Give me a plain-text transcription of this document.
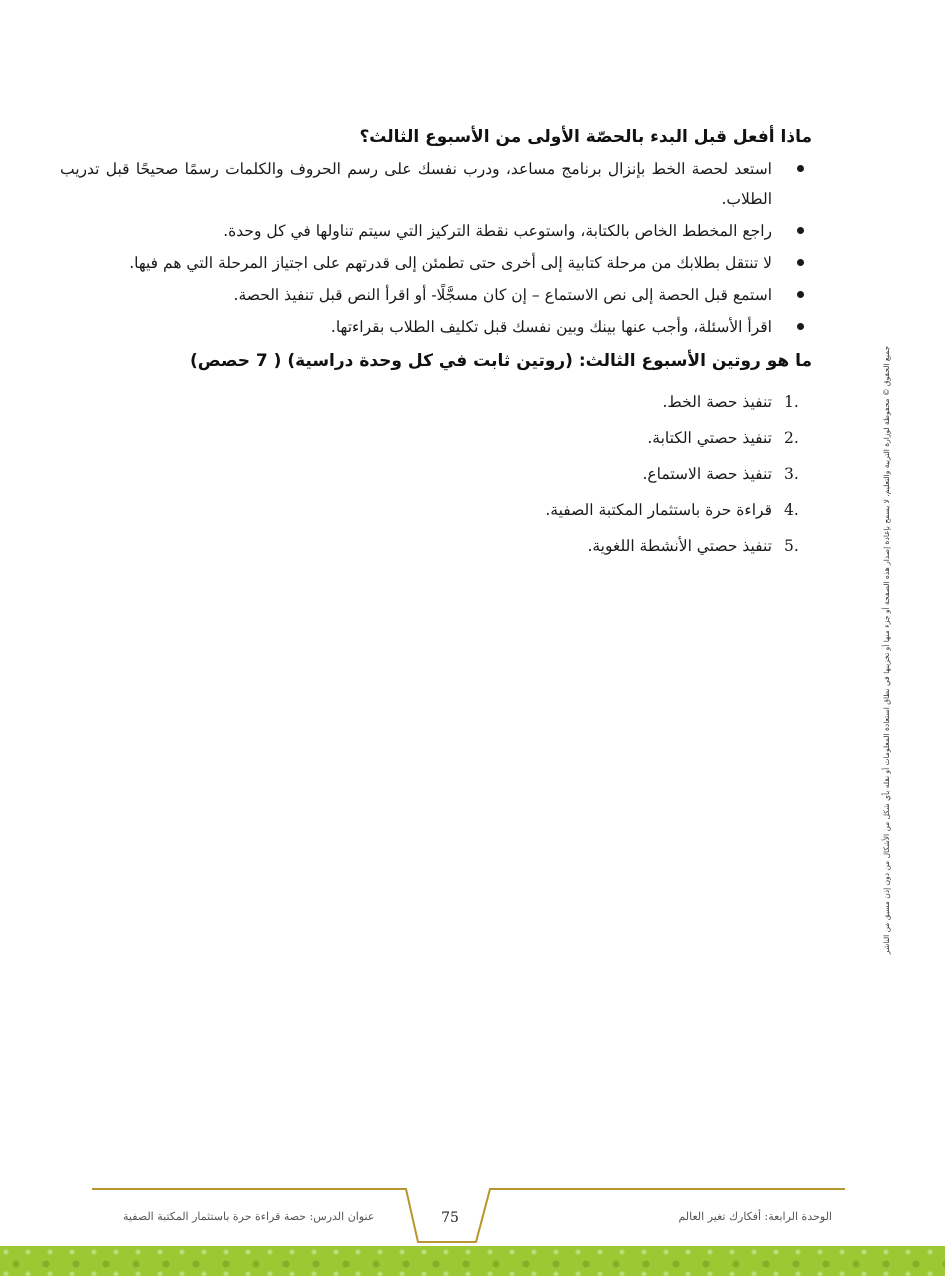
ماذا أفعل قبل البدء بالحصّة الأولى من الأسبوع الثالث؟
استعد لحصة الخط بإنزال برنامج مساعد، ودرب نفسك على رسم الحروف والكلمات رسمًا صحيحًا قبل تدريب الطلاب.
راجع المخطط الخاص بالكتابة، واستوعب نقطة التركيز التي سيتم تناولها في كل وحدة.
لا تنتقل بطلابك من مرحلة كتابية إلى أخرى حتى تطمئن إلى قدرتهم على اجتياز المرحلة التي هم فيها.
استمع قبل الحصة إلى نص الاستماع – إن كان مسجَّلًا- أو اقرأ النص قبل تنفيذ الحصة.
اقرأ الأسئلة، وأجب عنها بينك وبين نفسك قبل تكليف الطلاب بقراءتها.
ما هو روتين الأسبوع الثالث: (روتين ثابت في كل وحدة دراسية) ( 7 حصص)
1.
تنفيذ حصة الخط.
2.
تنفيذ حصتي الكتابة.
3.
تنفيذ حصة الاستماع.
4.
قراءة حرة باستثمار المكتبة الصفية.
5.
تنفيذ حصتي الأنشطة اللغوية.	جميع الحقوق © محفوظة لوزارة التربية والتعليم. لا يسمح بإعادة إصدار هذه الصفحة أو جزء منها أو تخزينها في نطاق استعادة المعلومات أو نقله بأي شكل من الأشكال من دون إذن مسبق من الناشر
الوحدة الرابعة: أفكارك تغير العالم
75
عنوان الدرس: حصة قراءة حرة باستثمار المكتبة الصفية
